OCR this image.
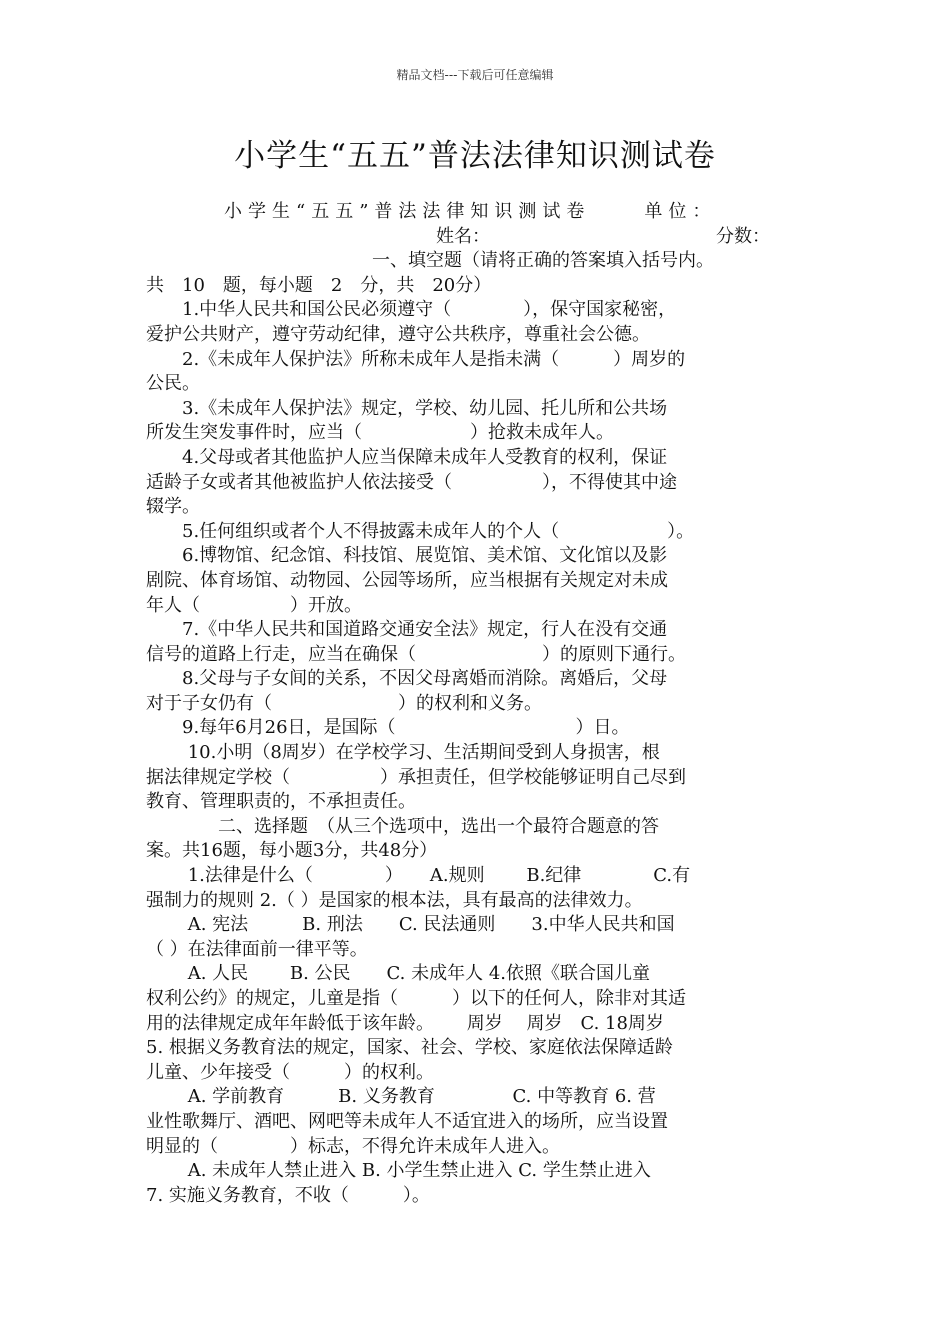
精品文档---下载后可任意编辑
小学生“五五”普法法律知识测试卷
小学生“五五”普法法律知识测试卷	单位：
姓名：	分数：
一、填空题（请将正确的答案填入括号内。
共　10　题，每小题　2　分，共　20分）
　　1.中华人民共和国公民必须遵守（　　　　），保守国家秘密，
爱护公共财产，遵守劳动纪律，遵守公共秩序，尊重社会公德。
　　2.《未成年人保护法》所称未成年人是指未满（　　　）周岁的
公民。
　　3.《未成年人保护法》规定，学校、幼儿园、托儿所和公共场
所发生突发事件时，应当（　　　　　　）抢救未成年人。
　　4.父母或者其他监护人应当保障未成年人受教育的权利，保证
适龄子女或者其他被监护人依法接受（　　　　　），不得使其中途
辍学。
　　5.任何组织或者个人不得披露未成年人的个人（　　　　　　）。
　　6.博物馆、纪念馆、科技馆、展览馆、美术馆、文化馆以及影
剧院、体育场馆、动物园、公园等场所，应当根据有关规定对未成
年人（　　　　　）开放。
　　7.《中华人民共和国道路交通安全法》规定，行人在没有交通
信号的道路上行走，应当在确保（　　　　　　　）的原则下通行。
　　8.父母与子女间的关系，不因父母离婚而消除。离婚后，父母
对于子女仍有（　　　　　　　）的权利和义务。
　　9.每年6月26日，是国际（　　　　　　　　　　）日。
　　 10.小明（8周岁）在学校学习、生活期间受到人身损害，根
据法律规定学校（　　　　　）承担责任，但学校能够证明自己尽到
教育、管理职责的，不承担责任。
　　　　二、选择题　（从三个选项中，选出一个最符合题意的答
案。共16题，每小题3分，共48分）
　　 1.法律是什么（　　　　）　　A.规则　　 B.纪律　　　　C.有
强制力的规则 2.（ ）是国家的根本法，具有最高的法律效力。
　　 A. 宪法　　　B. 刑法　　C. 民法通则　　3.中华人民共和国
（ ）在法律面前一律平等。
　　 A. 人民　　 B. 公民　　C. 未成年人 4.依照《联合国儿童
权利公约》的规定，儿童是指（　　　）以下的任何人，除非对其适
用的法律规定成年年龄低于该年龄。　　 周岁　 周岁　C. 18周岁
5. 根据义务教育法的规定，国家、社会、学校、家庭依法保障适龄
儿童、少年接受（　　　）的权利。
　　 A. 学前教育　　　B. 义务教育　　　　 C. 中等教育 6. 营
业性歌舞厅、酒吧、网吧等未成年人不适宜进入的场所，应当设置
明显的（　　　　）标志，不得允许未成年人进入。
　　 A. 未成年人禁止进入 B. 小学生禁止进入 C. 学生禁止进入
7. 实施义务教育，不收（　　　）。
